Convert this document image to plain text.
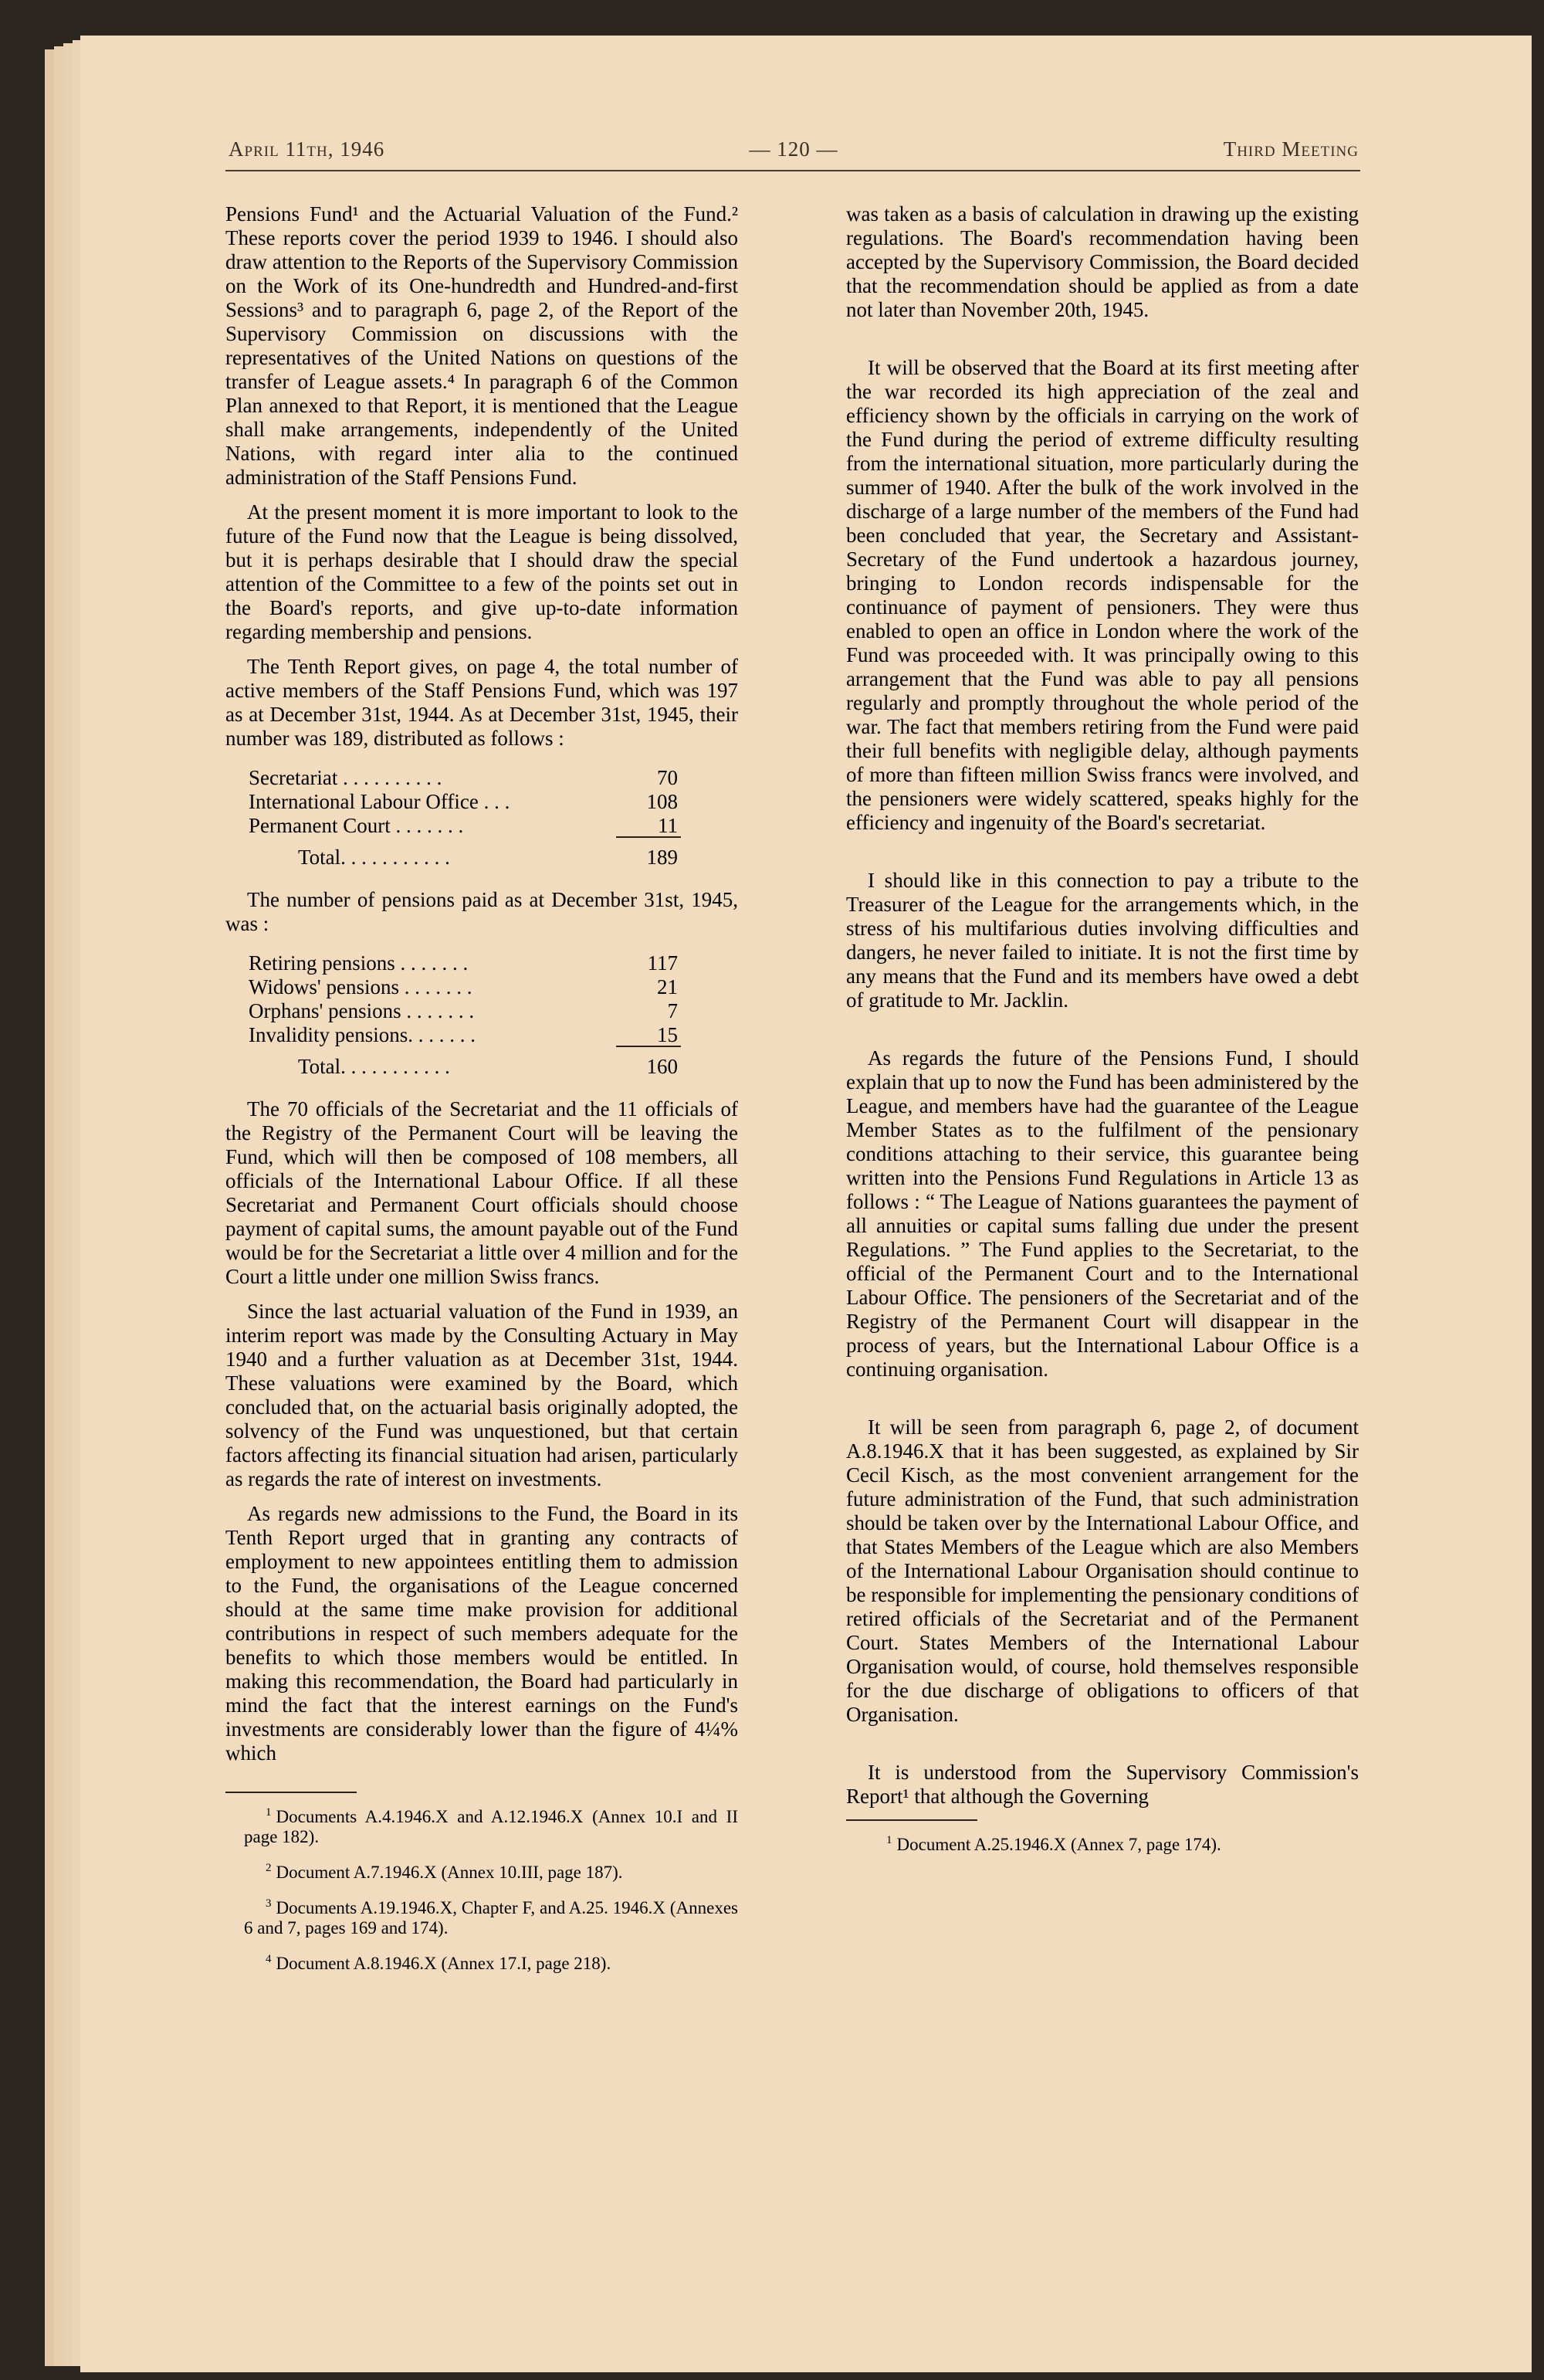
April 11th, 1946	— 120 —	Third Meeting

Pensions Fund¹ and the Actuarial Valuation of the Fund.² These reports cover the period 1939 to 1946. I should also draw attention to the Reports of the Supervisory Commission on the Work of its One-hundredth and Hundred-and-first Sessions³ and to paragraph 6, page 2, of the Report of the Supervisory Commission on discussions with the representatives of the United Nations on questions of the transfer of League assets.⁴ In paragraph 6 of the Common Plan annexed to that Report, it is mentioned that the League shall make arrangements, independently of the United Nations, with regard inter alia to the continued administration of the Staff Pensions Fund.

At the present moment it is more important to look to the future of the Fund now that the League is being dissolved, but it is perhaps desirable that I should draw the special attention of the Committee to a few of the points set out in the Board's reports, and give up-to-date information regarding membership and pensions.

The Tenth Report gives, on page 4, the total number of active members of the Staff Pensions Fund, which was 197 as at December 31st, 1944. As at December 31st, 1945, their number was 189, distributed as follows :

Secretariat . . . . . . . . . .	70
International Labour Office . . .	108
Permanent Court . . . . . . .	11
Total. . . . . . . . . . .	189

The number of pensions paid as at December 31st, 1945, was :

Retiring pensions . . . . . . .	117
Widows' pensions . . . . . . .	21
Orphans' pensions . . . . . . .	7
Invalidity pensions. . . . . . .	15
Total. . . . . . . . . . .	160

The 70 officials of the Secretariat and the 11 officials of the Registry of the Permanent Court will be leaving the Fund, which will then be composed of 108 members, all officials of the International Labour Office. If all these Secretariat and Permanent Court officials should choose payment of capital sums, the amount payable out of the Fund would be for the Secretariat a little over 4 million and for the Court a little under one million Swiss francs.

Since the last actuarial valuation of the Fund in 1939, an interim report was made by the Consulting Actuary in May 1940 and a further valuation as at December 31st, 1944. These valuations were examined by the Board, which concluded that, on the actuarial basis originally adopted, the solvency of the Fund was unquestioned, but that certain factors affecting its financial situation had arisen, particularly as regards the rate of interest on investments.

As regards new admissions to the Fund, the Board in its Tenth Report urged that in granting any contracts of employment to new appointees entitling them to admission to the Fund, the organisations of the League concerned should at the same time make provision for additional contributions in respect of such members adequate for the benefits to which those members would be entitled. In making this recommendation, the Board had particularly in mind the fact that the interest earnings on the Fund's investments are considerably lower than the figure of 4¼% which

$^1$ Documents A.4.1946.X and A.12.1946.X (Annex 10.I and II page 182).

$^2$ Document A.7.1946.X (Annex 10.III, page 187).

$^3$ Documents A.19.1946.X, Chapter F, and A.25. 1946.X (Annexes 6 and 7, pages 169 and 174).

$^4$ Document A.8.1946.X (Annex 17.I, page 218).

was taken as a basis of calculation in drawing up the existing regulations. The Board's recommendation having been accepted by the Supervisory Commission, the Board decided that the recommendation should be applied as from a date not later than November 20th, 1945.

It will be observed that the Board at its first meeting after the war recorded its high appreciation of the zeal and efficiency shown by the officials in carrying on the work of the Fund during the period of extreme difficulty resulting from the international situation, more particularly during the summer of 1940. After the bulk of the work involved in the discharge of a large number of the members of the Fund had been concluded that year, the Secretary and Assistant-Secretary of the Fund undertook a hazardous journey, bringing to London records indispensable for the continuance of payment of pensioners. They were thus enabled to open an office in London where the work of the Fund was proceeded with. It was principally owing to this arrangement that the Fund was able to pay all pensions regularly and promptly throughout the whole period of the war. The fact that members retiring from the Fund were paid their full benefits with negligible delay, although payments of more than fifteen million Swiss francs were involved, and the pensioners were widely scattered, speaks highly for the efficiency and ingenuity of the Board's secretariat.

I should like in this connection to pay a tribute to the Treasurer of the League for the arrangements which, in the stress of his multifarious duties involving difficulties and dangers, he never failed to initiate. It is not the first time by any means that the Fund and its members have owed a debt of gratitude to Mr. Jacklin.

As regards the future of the Pensions Fund, I should explain that up to now the Fund has been administered by the League, and members have had the guarantee of the League Member States as to the fulfilment of the pensionary conditions attaching to their service, this guarantee being written into the Pensions Fund Regulations in Article 13 as follows : “ The League of Nations guarantees the payment of all annuities or capital sums falling due under the present Regulations. ” The Fund applies to the Secretariat, to the official of the Permanent Court and to the International Labour Office. The pensioners of the Secretariat and of the Registry of the Permanent Court will disappear in the process of years, but the International Labour Office is a continuing organisation.

It will be seen from paragraph 6, page 2, of document A.8.1946.X that it has been suggested, as explained by Sir Cecil Kisch, as the most convenient arrangement for the future administration of the Fund, that such administration should be taken over by the International Labour Office, and that States Members of the League which are also Members of the International Labour Organisation should continue to be responsible for implementing the pensionary conditions of retired officials of the Secretariat and of the Permanent Court. States Members of the International Labour Organisation would, of course, hold themselves responsible for the due discharge of obligations to officers of that Organisation.

It is understood from the Supervisory Commission's Report¹ that although the Governing

$^1$ Document A.25.1946.X (Annex 7, page 174).
